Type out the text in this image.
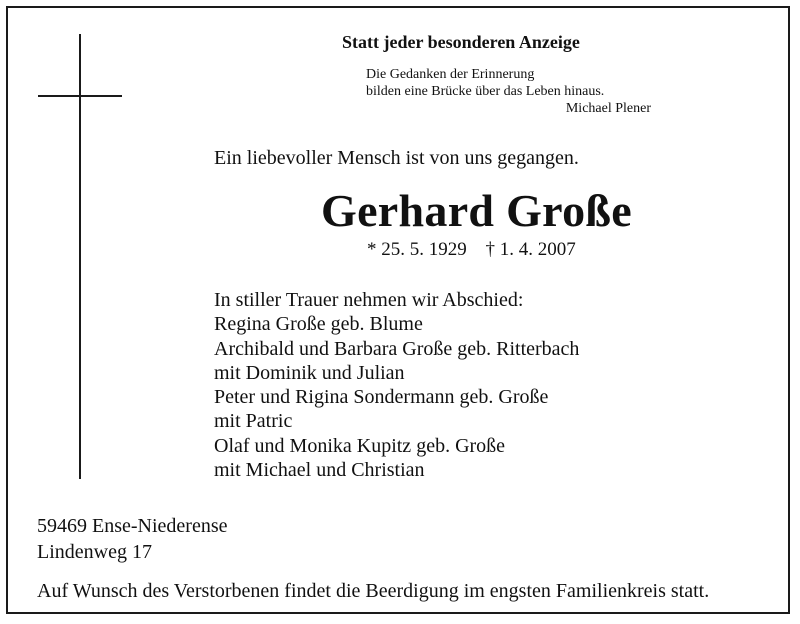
Statt jeder besonderen Anzeige
Die Gedanken der Erinnerung
bilden eine Brücke über das Leben hinaus.
Michael Plener
Ein liebevoller Mensch ist von uns gegangen.
Gerhard Große
* 25. 5. 1929 † 1. 4. 2007
In stiller Trauer nehmen wir Abschied:
Regina Große geb. Blume
Archibald und Barbara Große geb. Ritterbach
mit Dominik und Julian
Peter und Rigina Sondermann geb. Große
mit Patric
Olaf und Monika Kupitz geb. Große
mit Michael und Christian
59469 Ense-Niederense
Lindenweg 17
Auf Wunsch des Verstorbenen findet die Beerdigung im engsten Familienkreis statt.
